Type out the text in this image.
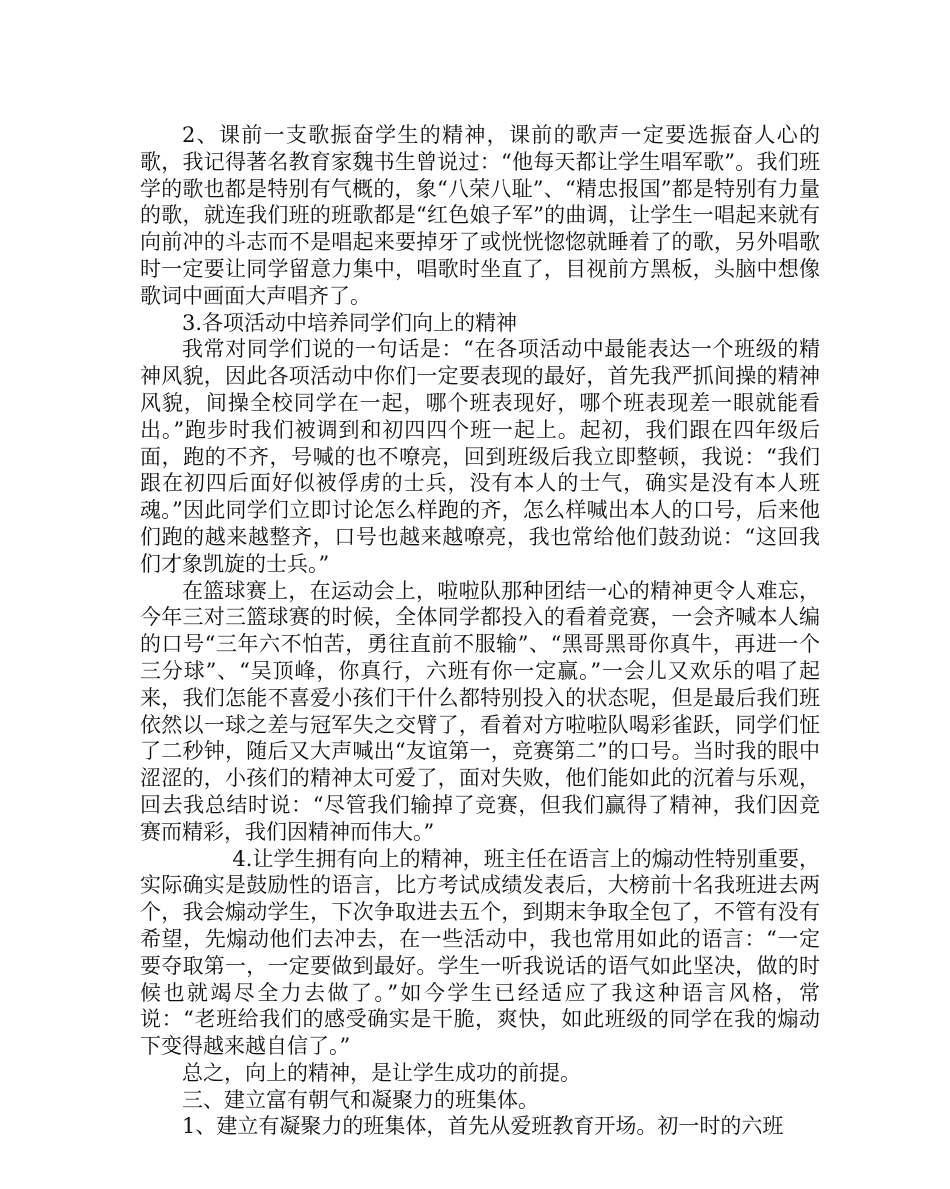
2、课前一支歌振奋学生的精神，课前的歌声一定要选振奋人心的歌，我记得著名教育家魏书生曾说过：“他每天都让学生唱军歌”。我们班学的歌也都是特别有气概的，象“八荣八耻”、“精忠报国”都是特别有力量的歌，就连我们班的班歌都是“红色娘子军”的曲调，让学生一唱起来就有向前冲的斗志而不是唱起来要掉牙了或恍恍惚惚就睡着了的歌，另外唱歌时一定要让同学留意力集中，唱歌时坐直了，目视前方黑板，头脑中想像歌词中画面大声唱齐了。

3.各项活动中培养同学们向上的精神

我常对同学们说的一句话是：“在各项活动中最能表达一个班级的精神风貌，因此各项活动中你们一定要表现的最好，首先我严抓间操的精神风貌，间操全校同学在一起，哪个班表现好，哪个班表现差一眼就能看出。”跑步时我们被调到和初四四个班一起上。起初，我们跟在四年级后面，跑的不齐，号喊的也不嘹亮，回到班级后我立即整顿，我说：“我们跟在初四后面好似被俘虏的士兵，没有本人的士气，确实是没有本人班魂。”因此同学们立即讨论怎么样跑的齐，怎么样喊出本人的口号，后来他们跑的越来越整齐，口号也越来越嘹亮，我也常给他们鼓劲说：“这回我们才象凯旋的士兵。”

在篮球赛上，在运动会上，啦啦队那种团结一心的精神更令人难忘，今年三对三篮球赛的时候，全体同学都投入的看着竞赛，一会齐喊本人编的口号“三年六不怕苦，勇往直前不服输”、“黑哥黑哥你真牛，再进一个三分球”、“吴顶峰，你真行，六班有你一定赢。”一会儿又欢乐的唱了起来，我们怎能不喜爱小孩们干什么都特别投入的状态呢，但是最后我们班依然以一球之差与冠军失之交臂了，看着对方啦啦队喝彩雀跃，同学们怔了二秒钟，随后又大声喊出“友谊第一，竞赛第二”的口号。当时我的眼中涩涩的，小孩们的精神太可爱了，面对失败，他们能如此的沉着与乐观，回去我总结时说：“尽管我们输掉了竞赛，但我们赢得了精神，我们因竞赛而精彩，我们因精神而伟大。”

4.让学生拥有向上的精神，班主任在语言上的煽动性特别重要，实际确实是鼓励性的语言，比方考试成绩发表后，大榜前十名我班进去两个，我会煽动学生，下次争取进去五个，到期末争取全包了，不管有没有希望，先煽动他们去冲去，在一些活动中，我也常用如此的语言：“一定要夺取第一，一定要做到最好。学生一听我说话的语气如此坚决，做的时候也就竭尽全力去做了。”如今学生已经适应了我这种语言风格，常说：“老班给我们的感受确实是干脆，爽快，如此班级的同学在我的煽动下变得越来越自信了。”

总之，向上的精神，是让学生成功的前提。

三、建立富有朝气和凝聚力的班集体。

1、建立有凝聚力的班集体，首先从爱班教育开场。初一时的六班
